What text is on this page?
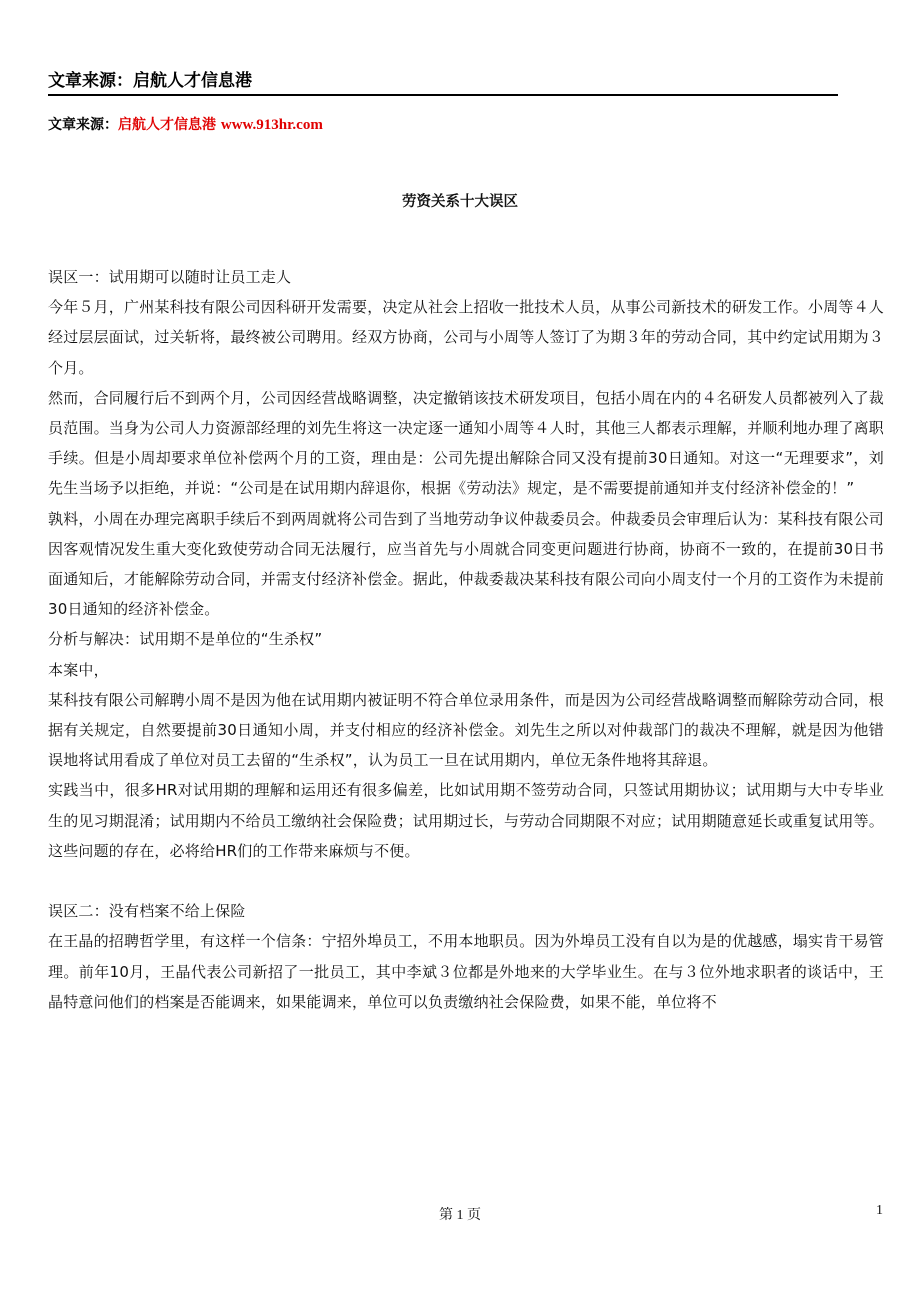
文章来源：启航人才信息港
文章来源：启航人才信息港 www.913hr.com
劳资关系十大误区

误区一：试用期可以随时让员工走人

今年５月，广州某科技有限公司因科研开发需要，决定从社会上招收一批技术人员，从事公司新技术的研发工作。小周等４人经过层层面试，过关斩将，最终被公司聘用。经双方协商，公司与小周等人签订了为期３年的劳动合同，其中约定试用期为３个月。

然而，合同履行后不到两个月，公司因经营战略调整，决定撤销该技术研发项目，包括小周在内的４名研发人员都被列入了裁员范围。当身为公司人力资源部经理的刘先生将这一决定逐一通知小周等４人时，其他三人都表示理解，并顺利地办理了离职手续。但是小周却要求单位补偿两个月的工资，理由是：公司先提出解除合同又没有提前30日通知。对这一“无理要求”，刘先生当场予以拒绝，并说：“公司是在试用期内辞退你，根据《劳动法》规定，是不需要提前通知并支付经济补偿金的！”

孰料，小周在办理完离职手续后不到两周就将公司告到了当地劳动争议仲裁委员会。仲裁委员会审理后认为：某科技有限公司因客观情况发生重大变化致使劳动合同无法履行，应当首先与小周就合同变更问题进行协商，协商不一致的，在提前30日书面通知后，才能解除劳动合同，并需支付经济补偿金。据此，仲裁委裁决某科技有限公司向小周支付一个月的工资作为未提前30日通知的经济补偿金。

分析与解决：试用期不是单位的“生杀权”

本案中，

某科技有限公司解聘小周不是因为他在试用期内被证明不符合单位录用条件，而是因为公司经营战略调整而解除劳动合同，根据有关规定，自然要提前30日通知小周，并支付相应的经济补偿金。刘先生之所以对仲裁部门的裁决不理解，就是因为他错误地将试用看成了单位对员工去留的“生杀权”，认为员工一旦在试用期内，单位无条件地将其辞退。

实践当中，很多HR对试用期的理解和运用还有很多偏差，比如试用期不签劳动合同，只签试用期协议；试用期与大中专毕业生的见习期混淆；试用期内不给员工缴纳社会保险费；试用期过长，与劳动合同期限不对应；试用期随意延长或重复试用等。这些问题的存在，必将给HR们的工作带来麻烦与不便。

误区二：没有档案不给上保险

在王晶的招聘哲学里，有这样一个信条：宁招外埠员工，不用本地职员。因为外埠员工没有自以为是的优越感，塌实肯干易管理。前年10月，王晶代表公司新招了一批员工，其中李斌３位都是外地来的大学毕业生。在与３位外地求职者的谈话中，王晶特意问他们的档案是否能调来，如果能调来，单位可以负责缴纳社会保险费，如果不能，单位将不

第 1 页	1
